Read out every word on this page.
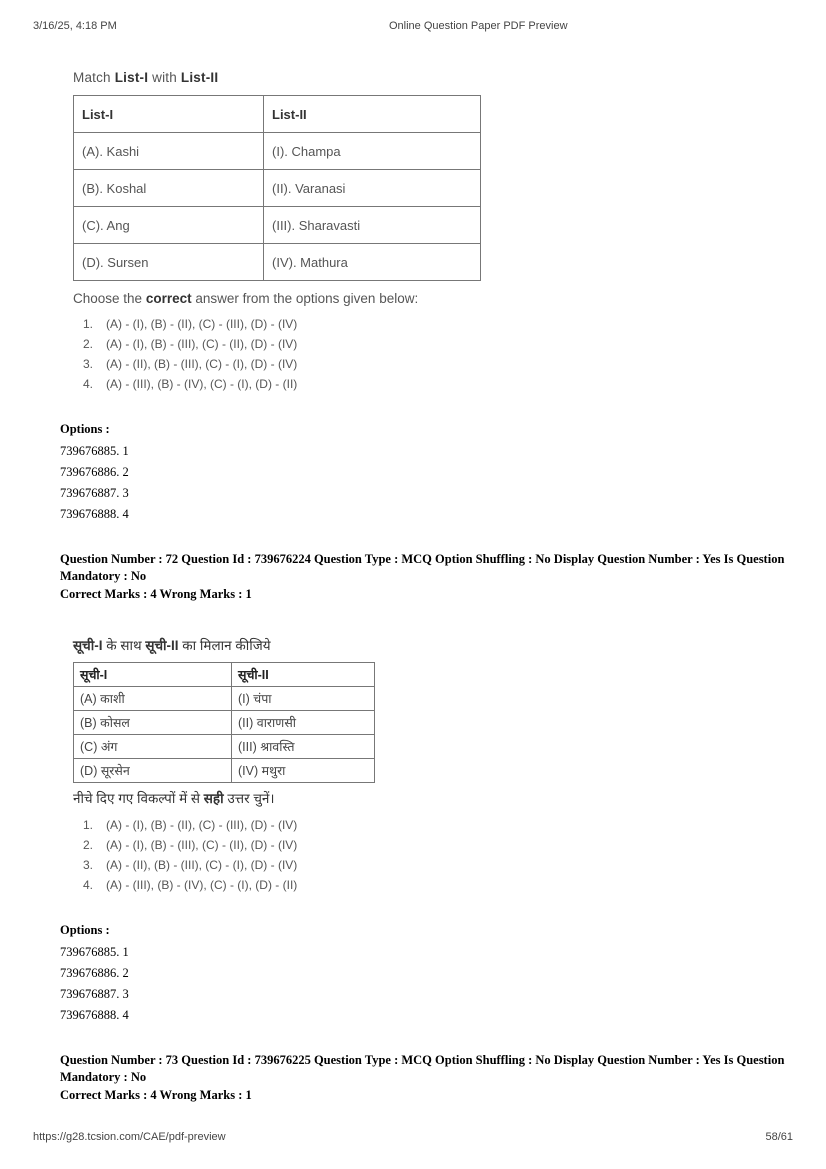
3/16/25, 4:18 PM	Online Question Paper PDF Preview
Match List-I with List-II
List-I	List-II
(A). Kashi	(I). Champa
(B). Koshal	(II). Varanasi
(C). Ang	(III). Sharavasti
(D). Sursen	(IV). Mathura
Choose the correct answer from the options given below:
1. (A) - (I), (B) - (II), (C) - (III), (D) - (IV)
2. (A) - (I), (B) - (III), (C) - (II), (D) - (IV)
3. (A) - (II), (B) - (III), (C) - (I), (D) - (IV)
4. (A) - (III), (B) - (IV), (C) - (I), (D) - (II)
Options :
739676885. 1
739676886. 2
739676887. 3
739676888. 4
Question Number : 72 Question Id : 739676224 Question Type : MCQ Option Shuffling : No Display Question Number : Yes Is Question Mandatory : No
Correct Marks : 4 Wrong Marks : 1
सूची-I के साथ सूची-II का मिलान कीजिये
सूची-I	सूची-II
(A) काशी	(I) चंपा
(B) कोसल	(II) वाराणसी
(C) अंग	(III) श्रावस्ति
(D) सूरसेन	(IV) मथुरा
नीचे दिए गए विकल्पों में से सही उत्तर चुनें।
1. (A) - (I), (B) - (II), (C) - (III), (D) - (IV)
2. (A) - (I), (B) - (III), (C) - (II), (D) - (IV)
3. (A) - (II), (B) - (III), (C) - (I), (D) - (IV)
4. (A) - (III), (B) - (IV), (C) - (I), (D) - (II)
Options :
739676885. 1
739676886. 2
739676887. 3
739676888. 4
Question Number : 73 Question Id : 739676225 Question Type : MCQ Option Shuffling : No Display Question Number : Yes Is Question Mandatory : No
Correct Marks : 4 Wrong Marks : 1
https://g28.tcsion.com/CAE/pdf-preview	58/61
